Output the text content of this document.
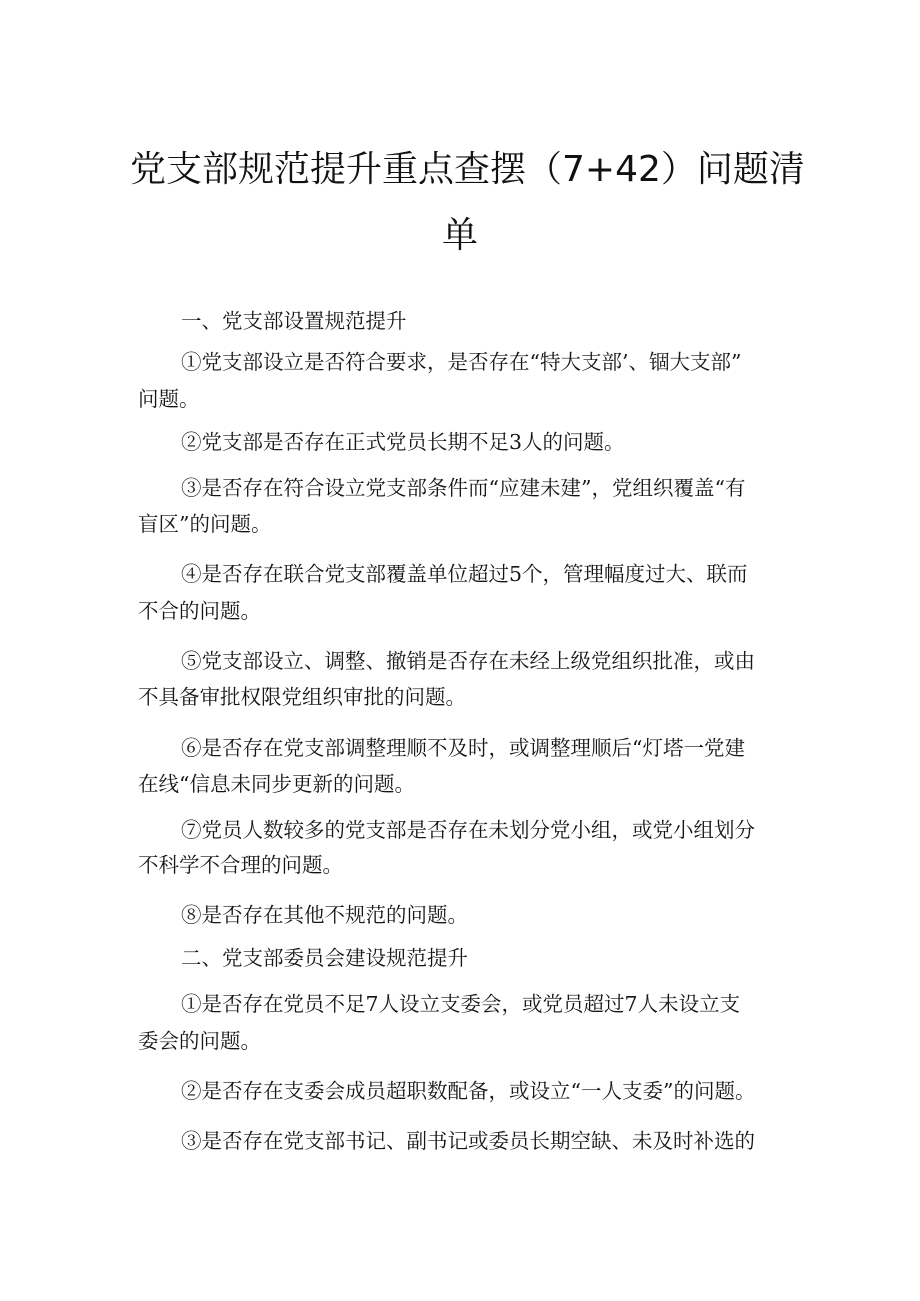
党支部规范提升重点查摆（7+42）问题清
单
一、党支部设置规范提升
①党支部设立是否符合要求，是否存在“特大支部’、锢大支部”
问题。
②党支部是否存在正式党员长期不足3人的问题。
③是否存在符合设立党支部条件而“应建未建”，党组织覆盖“有
盲区”的问题。
④是否存在联合党支部覆盖单位超过5个，管理幅度过大、联而
不合的问题。
⑤党支部设立、调整、撤销是否存在未经上级党组织批准，或由
不具备审批权限党组织审批的问题。
⑥是否存在党支部调整理顺不及时，或调整理顺后“灯塔一党建
在线“信息未同步更新的问题。
⑦党员人数较多的党支部是否存在未划分党小组，或党小组划分
不科学不合理的问题。
⑧是否存在其他不规范的问题。
二、党支部委员会建设规范提升
①是否存在党员不足7人设立支委会，或党员超过7人未设立支
委会的问题。
②是否存在支委会成员超职数配备，或设立“一人支委”的问题。
③是否存在党支部书记、副书记或委员长期空缺、未及时补选的
